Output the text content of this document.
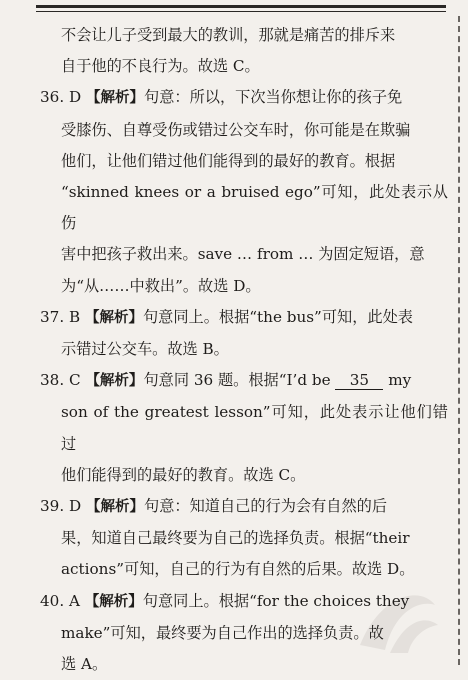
不会让儿子受到最大的教训，那就是痛苦的排斥来

自于他的不良行为。故选 C。

36. D 【解析】句意：所以，下次当你想让你的孩子免

受膝伤、自尊受伤或错过公交车时，你可能是在欺骗

他们，让他们错过他们能得到的最好的教育。根据

“skinned knees or a bruised ego”可知，此处表示从伤

害中把孩子救出来。save … from … 为固定短语，意

为“从……中救出”。故选 D。

37. B 【解析】句意同上。根据“the bus”可知，此处表

示错过公交车。故选 B。

38. C 【解析】句意同 36 题。根据“I’d be 35 my

son of the greatest lesson”可知，此处表示让他们错过

他们能得到的最好的教育。故选 C。

39. D 【解析】句意：知道自己的行为会有自然的后

果，知道自己最终要为自己的选择负责。根据“their

actions”可知，自己的行为有自然的后果。故选 D。

40. A 【解析】句意同上。根据“for the choices they

make”可知，最终要为自己作出的选择负责。故

选 A。
